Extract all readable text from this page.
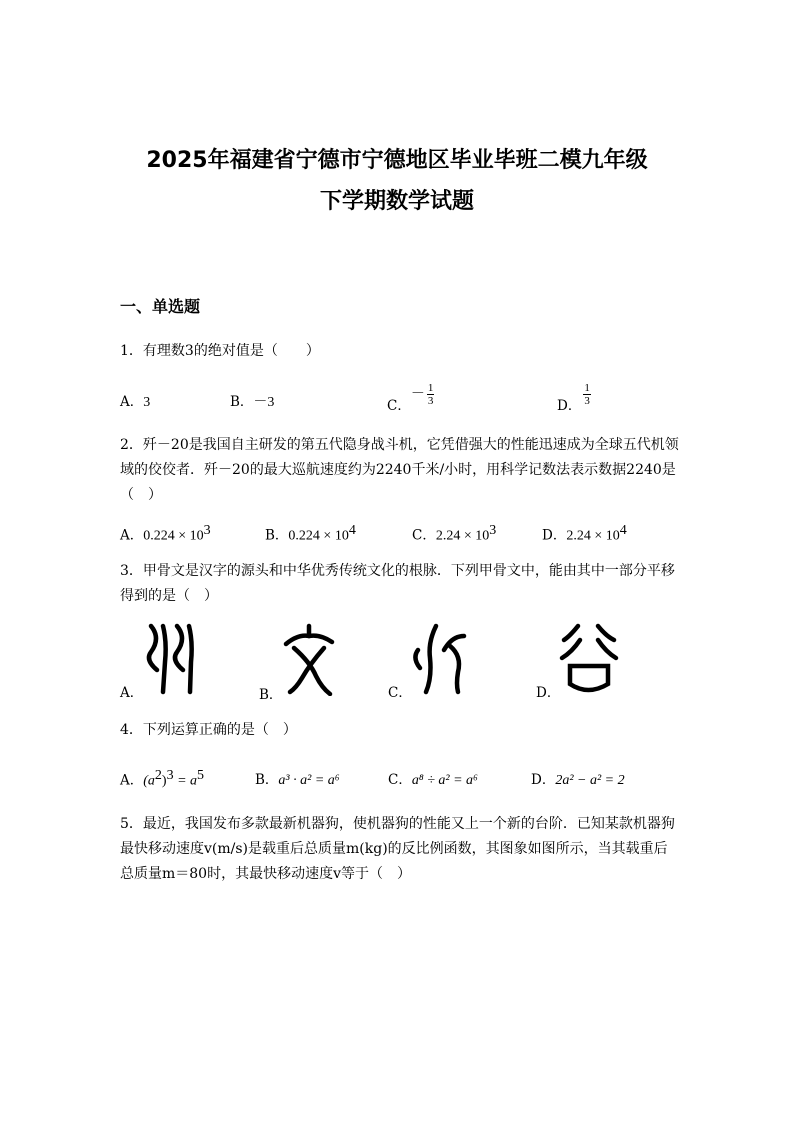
2025年福建省宁德市宁德地区毕业毕班二模九年级
下学期数学试题
一、单选题
1．有理数3的绝对值是（　　）
A．3	B．－3	C．－ $\frac{1}{3}$	D． $\frac{1}{3}$
2．歼－20是我国自主研发的第五代隐身战斗机，它凭借强大的性能迅速成为全球五代机领域的佼佼者．歼－20的最大巡航速度约为2240千米/小时，用科学记数法表示数据2240是（　）
A．$0.224 \times 10^3$	B．$0.224 \times 10^4$	C．$2.24 \times 10^3$	D．$2.24 \times 10^4$
3．甲骨文是汉字的源头和中华优秀传统文化的根脉．下列甲骨文中，能由其中一部分平移得到的是（　）
A．	B．	C．	D．
4．下列运算正确的是（　）
A．$(a^2)^3 = a^5$	B．a³ · a² = a⁶	C．a⁸ ÷ a² = a⁶	D．2a² − a² = 2
5．最近，我国发布多款最新机器狗，使机器狗的性能又上一个新的台阶．已知某款机器狗最快移动速度v(m/s)是载重后总质量m(kg)的反比例函数，其图象如图所示，当其载重后总质量m＝80时，其最快移动速度v等于（　）
